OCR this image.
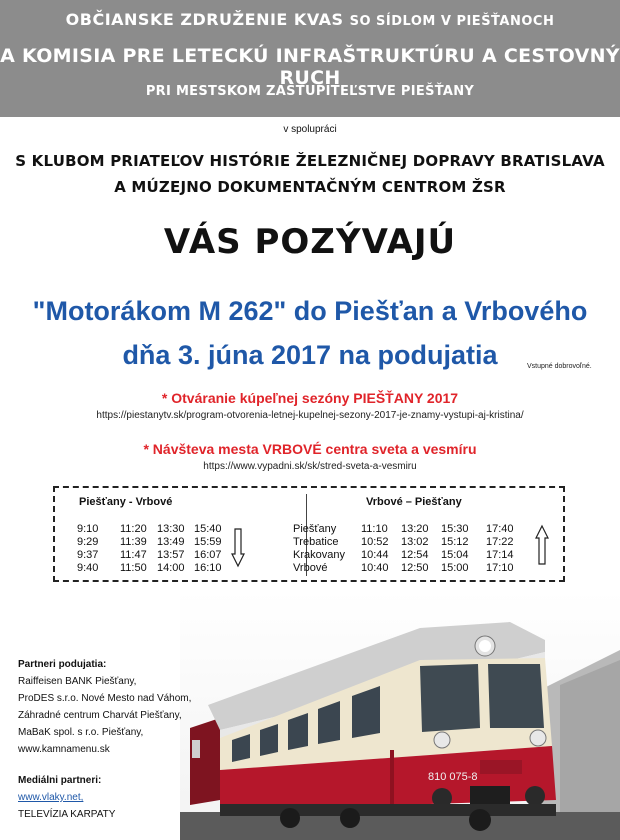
OBČIANSKE ZDRUŽENIE KVAS SO SÍDLOM V PIEŠŤANOCH
A KOMISIA PRE LETECKÚ INFRAŠTRUKTÚRU A CESTOVNÝ RUCH
PRI MESTSKOM ZASTUPITEĽSTVE PIEŠŤANY
v spolupráci
S KLUBOM PRIATEĽOV HISTÓRIE ŽELEZNIČNEJ DOPRAVY BRATISLAVA
A MÚZEJNO DOKUMENTAČNÝM CENTROM ŽSR
VÁS POZÝVAJÚ
"Motorákom M 262" do Piešťan a Vrbového
dňa 3. júna 2017 na podujatia	Vstupné dobrovoľné.
* Otváranie kúpeľnej sezóny PIEŠŤANY 2017
https://piestanytv.sk/program-otvorenia-letnej-kupelnej-sezony-2017-je-znamy-vystupi-aj-kristina/
* Návšteva mesta VRBOVÉ centra sveta a vesmíru
https://www.vypadni.sk/sk/stred-sveta-a-vesmiru
Piešťany - Vrbové
9:10	11:20 13:30 15:40
9:29	11:39 13:49 15:59
9:37	11:47 13:57 16:07
9:40	11:50 14:00 16:10
Vrbové – Piešťany
Piešťany	11:10	13:20	15:30	17:40
Trebatice	10:52	13:02	15:12	17:22
Krakovany	10:44	12:54	15:04	17:14
Vrbové	10:40	12:50	15:00	17:10
810 075-8
Partneri podujatia:
Raiffeisen BANK Piešťany,
ProDES s.r.o. Nové Mesto nad Váhom,
Záhradné centrum Charvát Piešťany,
MaBaK spol. s r.o. Piešťany,
www.kamnamenu.sk
Mediálni partneri:
www.vlaky.net,
TELEVÍZIA KARPATY
